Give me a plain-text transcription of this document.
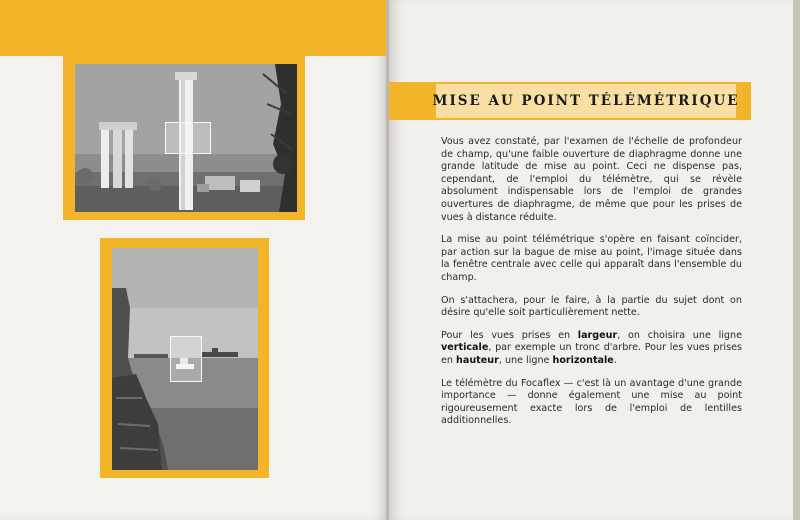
MISE AU POINT TÉLÉMÉTRIQUE

Vous avez constaté, par l'examen de l'échelle de profondeur de champ, qu'une faible ouverture de diaphragme donne une grande latitude de mise au point. Ceci ne dispense pas, cependant, de l'emploi du télémètre, qui se révèle absolument indispensable lors de l'emploi de grandes ouvertures de diaphragme, de même que pour les prises de vues à distance réduite.

La mise au point télémétrique s'opère en faisant coïncider, par action sur la bague de mise au point, l'image située dans la fenêtre centrale avec celle qui apparaît dans l'ensemble du champ.

On s'attachera, pour le faire, à la partie du sujet dont on désire qu'elle soit particulièrement nette.

Pour les vues prises en largeur, on choisira une ligne verticale, par exemple un tronc d'arbre. Pour les vues prises en hauteur, une ligne horizontale.

Le télémètre du Focaflex — c'est là un avantage d'une grande importance — donne également une mise au point rigoureusement exacte lors de l'emploi de lentilles additionnelles.
